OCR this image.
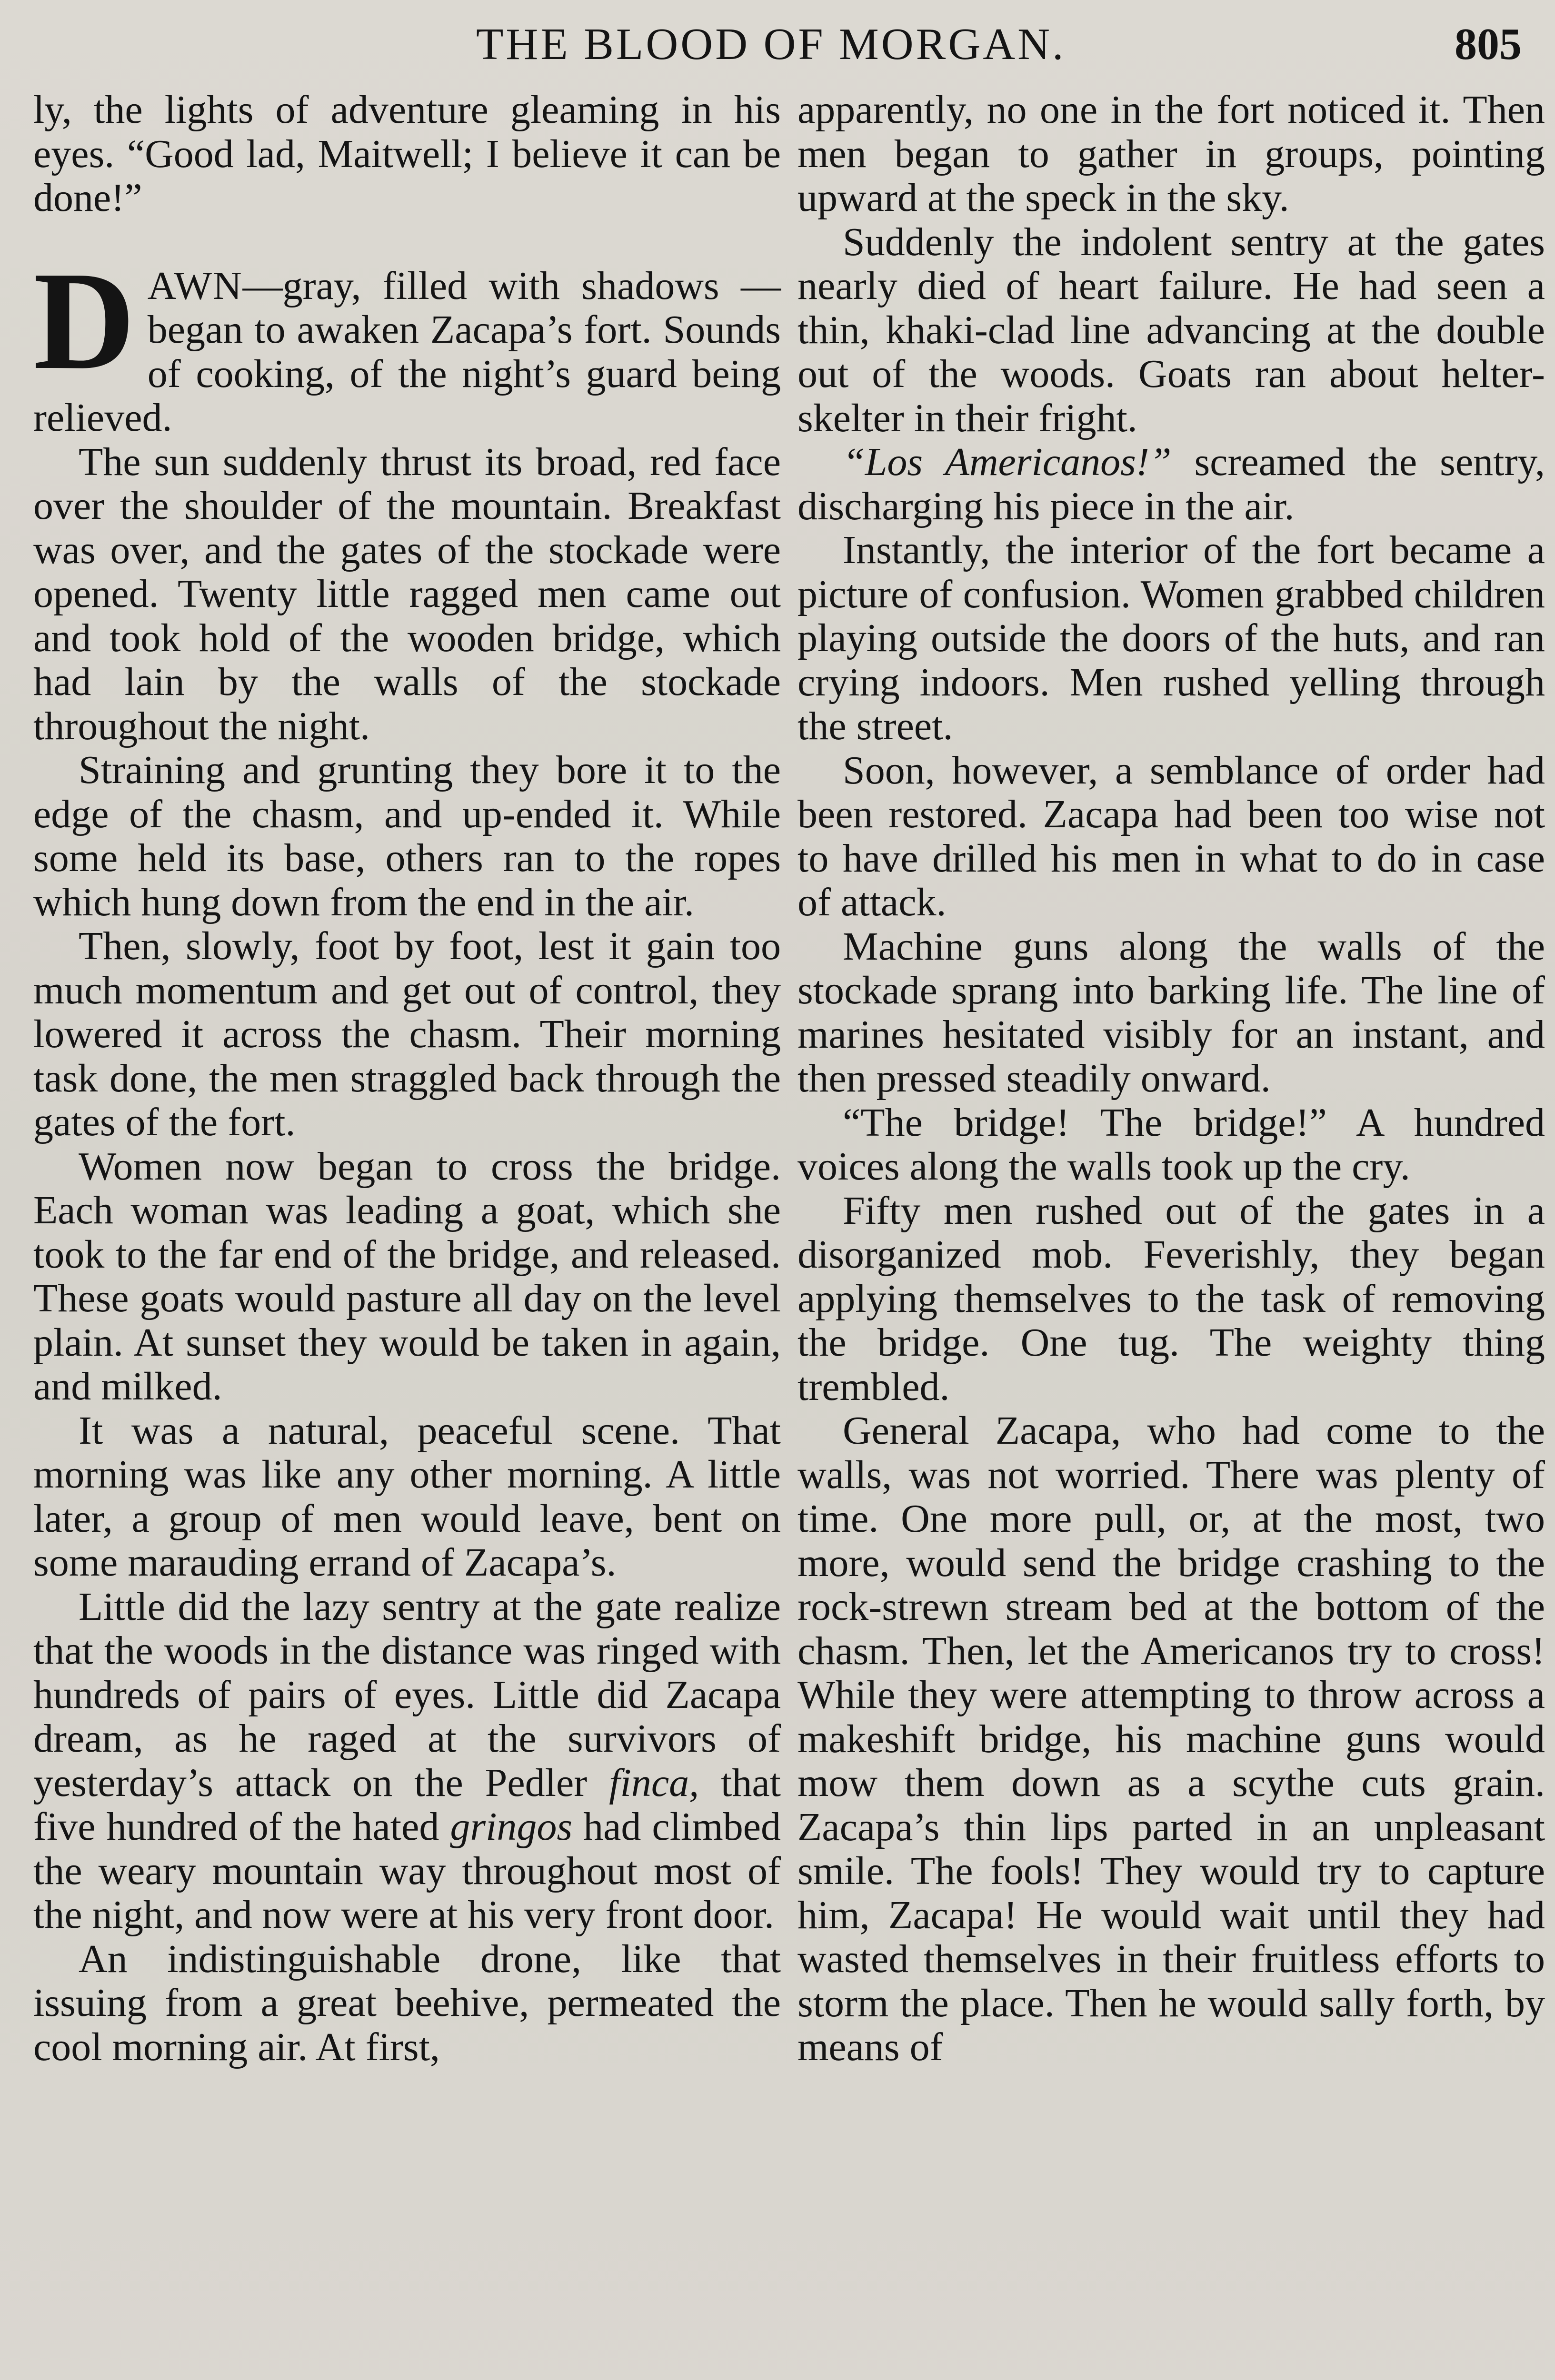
THE BLOOD OF MORGAN.	805

ly, the lights of adventure gleaming in his eyes. “Good lad, Maitwell; I believe it can be done!”

DAWN—gray, filled with shadows —began to awaken Zacapa’s fort. Sounds of cooking, of the night’s guard being relieved.

The sun suddenly thrust its broad, red face over the shoulder of the mountain. Breakfast was over, and the gates of the stockade were opened. Twenty little ragged men came out and took hold of the wooden bridge, which had lain by the walls of the stockade throughout the night.

Straining and grunting they bore it to the edge of the chasm, and up-ended it. While some held its base, others ran to the ropes which hung down from the end in the air.

Then, slowly, foot by foot, lest it gain too much momentum and get out of control, they lowered it across the chasm. Their morning task done, the men straggled back through the gates of the fort.

Women now began to cross the bridge. Each woman was leading a goat, which she took to the far end of the bridge, and released. These goats would pasture all day on the level plain. At sunset they would be taken in again, and milked.

It was a natural, peaceful scene. That morning was like any other morning. A little later, a group of men would leave, bent on some marauding errand of Zacapa’s.

Little did the lazy sentry at the gate realize that the woods in the distance was ringed with hundreds of pairs of eyes. Little did Zacapa dream, as he raged at the survivors of yesterday’s attack on the Pedler finca, that five hundred of the hated gringos had climbed the weary mountain way throughout most of the night, and now were at his very front door.

An indistinguishable drone, like that issuing from a great beehive, permeated the cool morning air. At first,

apparently, no one in the fort noticed it. Then men began to gather in groups, pointing upward at the speck in the sky.

Suddenly the indolent sentry at the gates nearly died of heart failure. He had seen a thin, khaki-clad line advancing at the double out of the woods. Goats ran about helter-skelter in their fright.

“Los Americanos!” screamed the sentry, discharging his piece in the air.

Instantly, the interior of the fort became a picture of confusion. Women grabbed children playing outside the doors of the huts, and ran crying indoors. Men rushed yelling through the street.

Soon, however, a semblance of order had been restored. Zacapa had been too wise not to have drilled his men in what to do in case of attack.

Machine guns along the walls of the stockade sprang into barking life. The line of marines hesitated visibly for an instant, and then pressed steadily onward.

“The bridge! The bridge!” A hundred voices along the walls took up the cry.

Fifty men rushed out of the gates in a disorganized mob. Feverishly, they began applying themselves to the task of removing the bridge. One tug. The weighty thing trembled.

General Zacapa, who had come to the walls, was not worried. There was plenty of time. One more pull, or, at the most, two more, would send the bridge crashing to the rock-strewn stream bed at the bottom of the chasm. Then, let the Americanos try to cross! While they were attempting to throw across a makeshift bridge, his machine guns would mow them down as a scythe cuts grain. Zacapa’s thin lips parted in an unpleasant smile. The fools! They would try to capture him, Zacapa! He would wait until they had wasted themselves in their fruitless efforts to storm the place. Then he would sally forth, by means of
